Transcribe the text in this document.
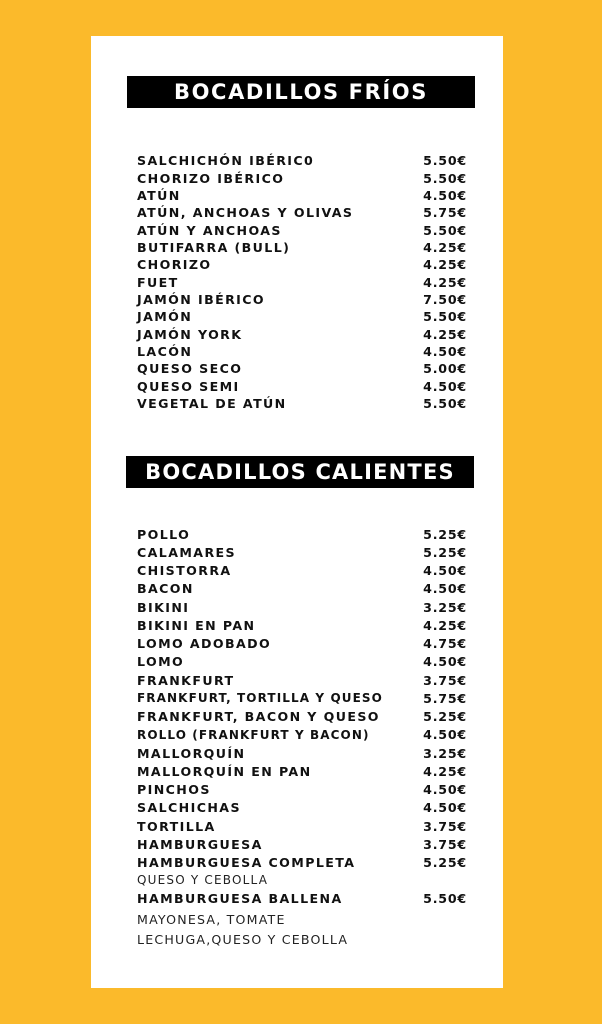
BOCADILLOS FRÍOS
SALCHICHÓN IBÉRIC0	5.50€
CHORIZO IBÉRICO	5.50€
ATÚN	4.50€
ATÚN, ANCHOAS Y OLIVAS	5.75€
ATÚN Y ANCHOAS	5.50€
BUTIFARRA (BULL)	4.25€
CHORIZO	4.25€
FUET	4.25€
JAMÓN IBÉRICO	7.50€
JAMÓN	5.50€
JAMÓN YORK	4.25€
LACÓN	4.50€
QUESO SECO	5.00€
QUESO SEMI	4.50€
VEGETAL DE ATÚN	5.50€
BOCADILLOS CALIENTES
POLLO	5.25€
CALAMARES	5.25€
CHISTORRA	4.50€
BACON	4.50€
BIKINI	3.25€
BIKINI EN PAN	4.25€
LOMO ADOBADO	4.75€
LOMO	4.50€
FRANKFURT	3.75€
FRANKFURT, TORTILLA Y QUESO	5.75€
FRANKFURT, BACON Y QUESO	5.25€
ROLLO (FRANKFURT Y BACON)	4.50€
MALLORQUÍN	3.25€
MALLORQUÍN EN PAN	4.25€
PINCHOS	4.50€
SALCHICHAS	4.50€
TORTILLA	3.75€
HAMBURGUESA	3.75€
HAMBURGUESA COMPLETA	5.25€
QUESO Y CEBOLLA
HAMBURGUESA BALLENA	5.50€
MAYONESA, TOMATE
LECHUGA,QUESO Y CEBOLLA
